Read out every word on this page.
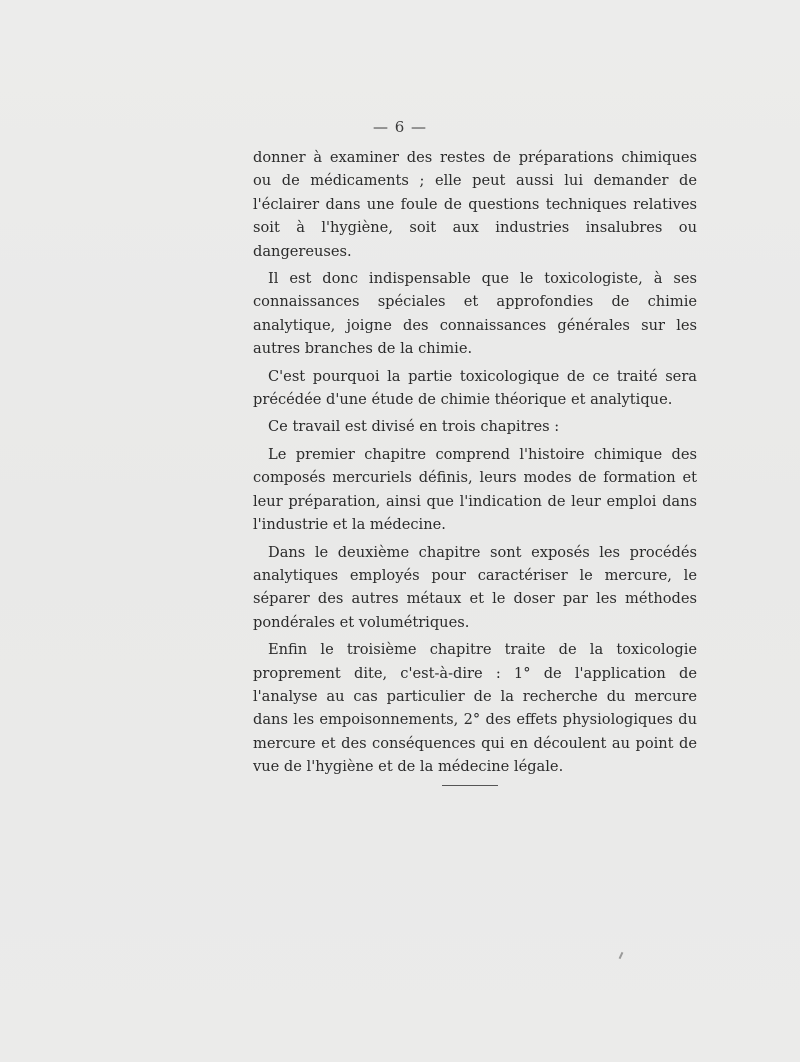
— 6 —

donner à examiner des restes de préparations chimiques ou de médicaments ; elle peut aussi lui demander de l'éclairer dans une foule de questions techniques relatives soit à l'hygiène, soit aux industries insalubres ou dangereuses.

Il est donc indispensable que le toxicologiste, à ses connaissances spéciales et approfondies de chimie analytique, joigne des connaissances générales sur les autres branches de la chimie.

C'est pourquoi la partie toxicologique de ce traité sera précédée d'une étude de chimie théorique et analytique.

Ce travail est divisé en trois chapitres :

Le premier chapitre comprend l'histoire chimique des composés mercuriels définis, leurs modes de formation et leur préparation, ainsi que l'indication de leur emploi dans l'industrie et la médecine.

Dans le deuxième chapitre sont exposés les procédés analytiques employés pour caractériser le mercure, le séparer des autres métaux et le doser par les méthodes pondérales et volumétriques.

Enfin le troisième chapitre traite de la toxicologie proprement dite, c'est-à-dire : 1° de l'application de l'analyse au cas particulier de la recherche du mercure dans les empoisonnements, 2° des effets physiologiques du mercure et des conséquences qui en découlent au point de vue de l'hygiène et de la médecine légale.
